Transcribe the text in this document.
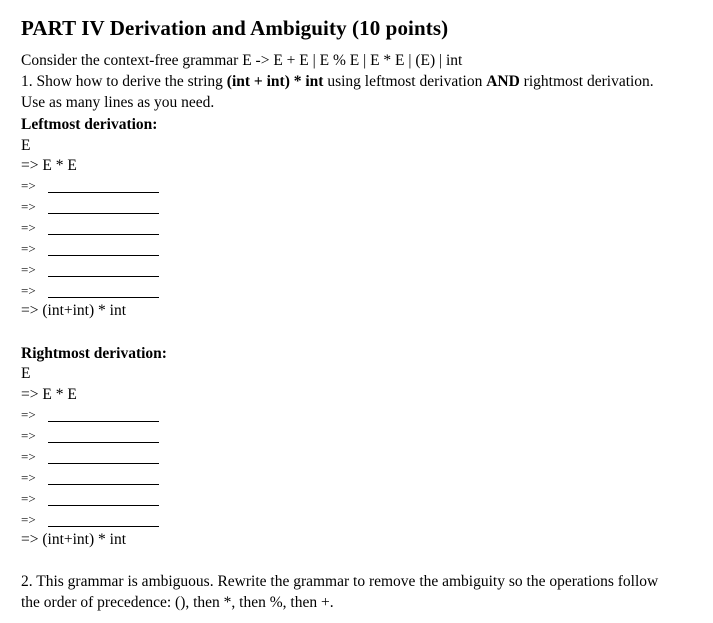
PART IV Derivation and Ambiguity (10 points)
Consider the context-free grammar E -> E + E | E % E | E * E | (E) | int
1. Show how to derive the string (int + int) * int using leftmost derivation AND rightmost derivation.
Use as many lines as you need.
Leftmost derivation:
E
=> E * E
=>
=>
=>
=>
=>
=>
=> (int+int) * int
Rightmost derivation:
E
=> E * E
=>
=>
=>
=>
=>
=>
=> (int+int) * int
2. This grammar is ambiguous. Rewrite the grammar to remove the ambiguity so the operations follow
the order of precedence: (), then *, then %, then +.
